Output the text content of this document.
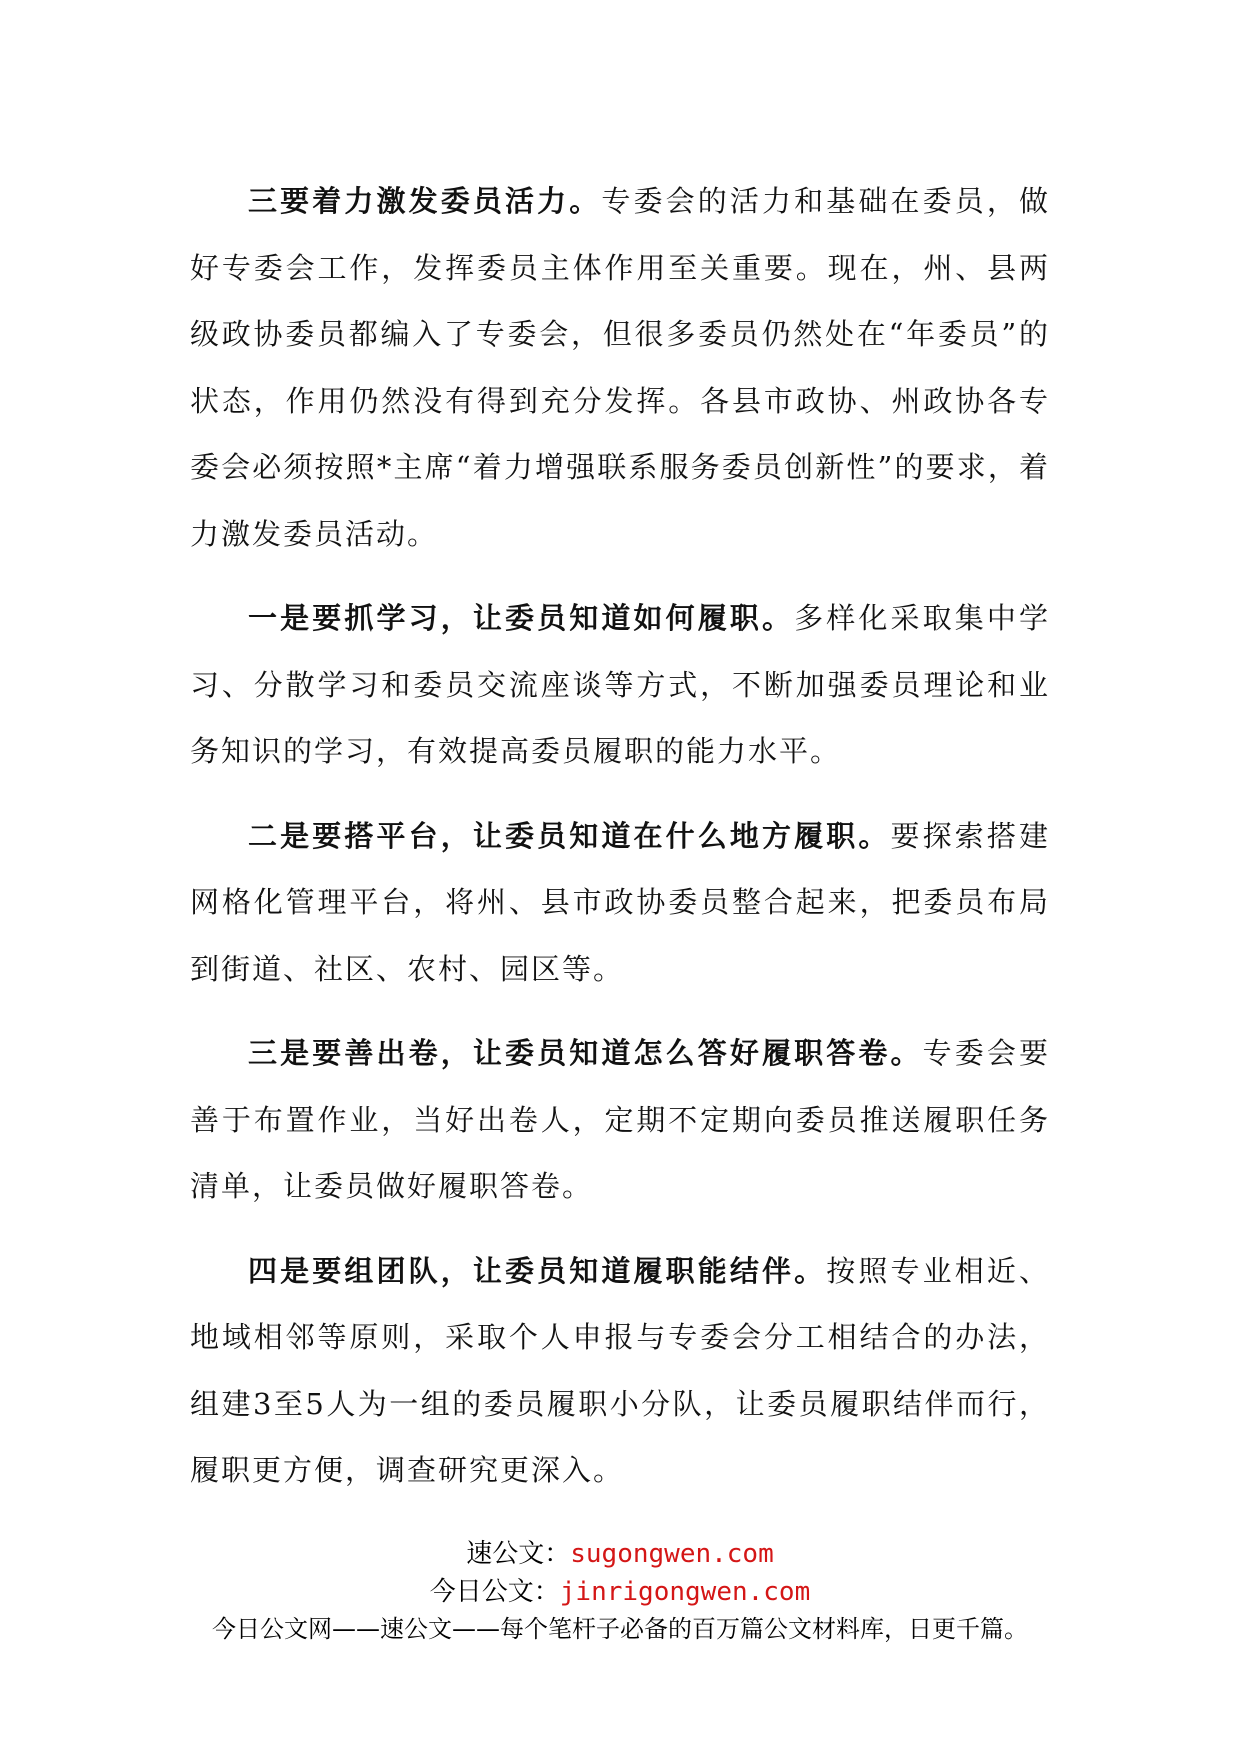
三要着力激发委员活力。专委会的活力和基础在委员，做好专委会工作，发挥委员主体作用至关重要。现在，州、县两级政协委员都编入了专委会，但很多委员仍然处在“年委员”的状态，作用仍然没有得到充分发挥。各县市政协、州政协各专委会必须按照*主席“着力增强联系服务委员创新性”的要求，着力激发委员活动。

一是要抓学习，让委员知道如何履职。多样化采取集中学习、分散学习和委员交流座谈等方式，不断加强委员理论和业务知识的学习，有效提高委员履职的能力水平。

二是要搭平台，让委员知道在什么地方履职。要探索搭建网格化管理平台，将州、县市政协委员整合起来，把委员布局到街道、社区、农村、园区等。

三是要善出卷，让委员知道怎么答好履职答卷。专委会要善于布置作业，当好出卷人，定期不定期向委员推送履职任务清单，让委员做好履职答卷。

四是要组团队，让委员知道履职能结伴。按照专业相近、地域相邻等原则，采取个人申报与专委会分工相结合的办法，组建3至5人为一组的委员履职小分队，让委员履职结伴而行，履职更方便，调查研究更深入。

速公文：sugongwen.com
今日公文：jinrigongwen.com
今日公文网——速公文——每个笔杆子必备的百万篇公文材料库，日更千篇。
